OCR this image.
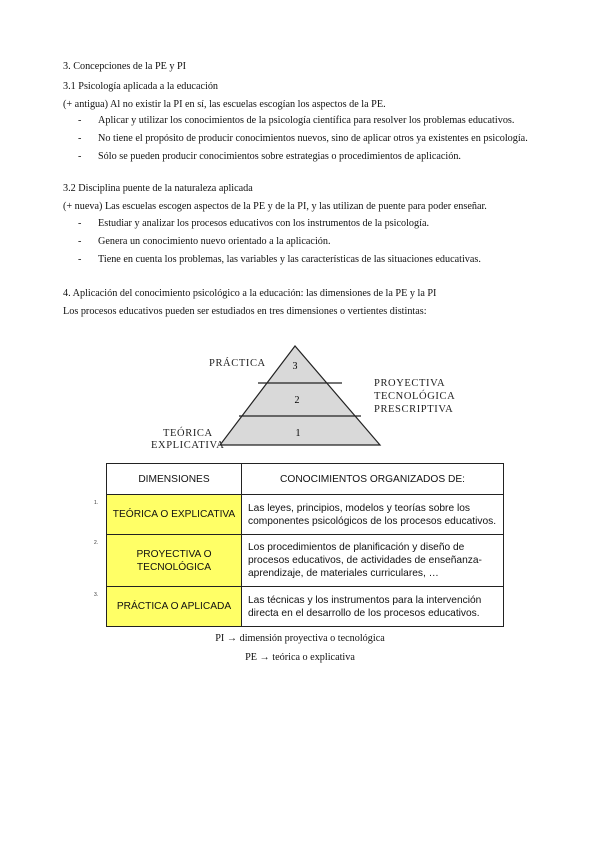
3. Concepciones de la PE y PI
3.1 Psicología aplicada a la educación
(+ antigua) Al no existir la PI en sí, las escuelas escogían los aspectos de la PE.
- Aplicar y utilizar los conocimientos de la psicología científica para resolver los problemas educativos.
- No tiene el propósito de producir conocimientos nuevos, sino de aplicar otros ya existentes en psicología.
- Sólo se pueden producir conocimientos sobre estrategias o procedimientos de aplicación.
3.2 Disciplina puente de la naturaleza aplicada
(+ nueva) Las escuelas escogen aspectos de la PE y de la PI, y las utilizan de puente para poder enseñar.
- Estudiar y analizar los procesos educativos con los instrumentos de la psicología.
- Genera un conocimiento nuevo orientado a la aplicación.
- Tiene en cuenta los problemas, las variables y las características de las situaciones educativas.
4. Aplicación del conocimiento psicológico a la educación: las dimensiones de la PE y la PI
Los procesos educativos pueden ser estudiados en tres dimensiones o vertientes distintas:
3
2
1
PRÁCTICA
PROYECTIVA
TECNOLÓGICA
PRESCRIPTIVA
TEÓRICA
EXPLICATIVA
DIMENSIONES	CONOCIMIENTOS ORGANIZADOS DE:

1.
TEÓRICA O EXPLICATIVA	Las leyes, principios, modelos y teorías sobre los componentes psicológicos de los procesos educativos.

2.
PROYECTIVA O
TECNOLÓGICA	Los procedimientos de planificación y diseño de procesos educativos, de actividades de enseñanza-aprendizaje, de materiales curriculares, …

3.
PRÁCTICA O APLICADA	Las técnicas y los instrumentos para la intervención directa en el desarrollo de los procesos educativos.
PI → dimensión proyectiva o tecnológica
PE → teórica o explicativa
